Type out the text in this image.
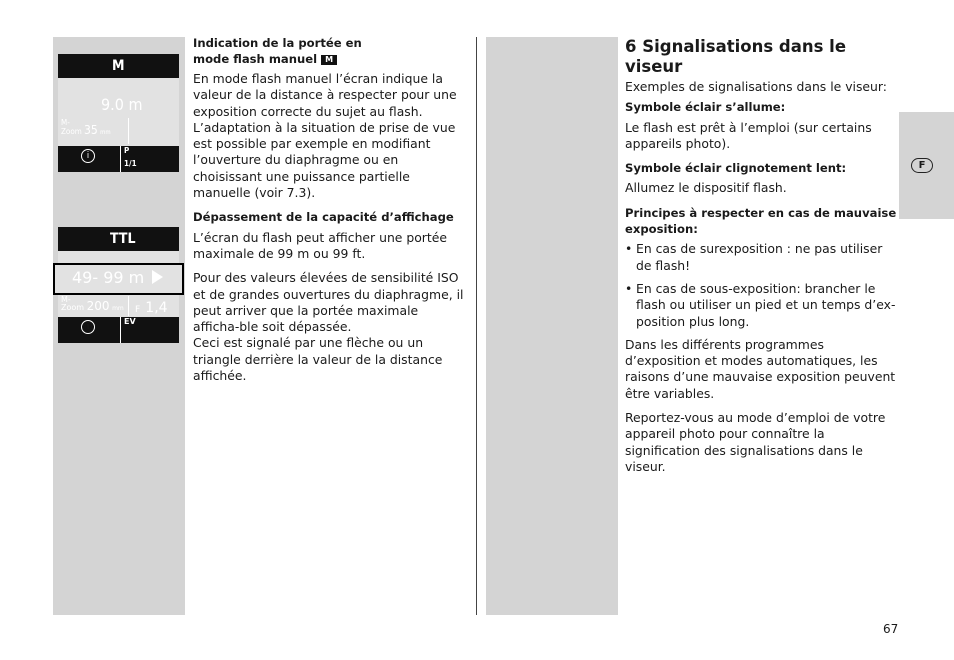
F
M
9.0 m
M-
Zoom 35 mm
i
P
1/1
TTL
49- 99 m
M-
Zoom 200 mm F 1,4
i
EV
Indication de la portée en
mode flash manuel M

En mode flash manuel l’écran indique la valeur de la distance à respecter pour une exposition correcte du sujet au flash. L’adaptation à la situation de prise de vue est possible par exemple en modifiant l’ouverture du diaphragme ou en choisissant une puissance partielle manuelle (voir 7.3).

Dépassement de la capacité d’affichage

L’écran du flash peut afficher une portée maximale de 99 m ou 99 ft.

Pour des valeurs élevées de sensibilité ISO et de grandes ouvertures du diaphragme, il peut arriver que la portée maximale afficha-ble soit dépassée.

Ceci est signalé par une flèche ou un triangle derrière la valeur de la distance affichée.

6 Signalisations dans le viseur

Exemples de signalisations dans le viseur:

Symbole éclair s’allume:

Le flash est prêt à l’emploi (sur certains appareils photo).

Symbole éclair clignotement lent:

Allumez le dispositif flash.

Principes à respecter en cas de mauvaise exposition:
• En cas de surexposition : ne pas utiliser de flash!
• En cas de sous-exposition: brancher le flash ou utiliser un pied et un temps d’ex-position plus long.

Dans les différents programmes d’exposition et modes automatiques, les raisons d’une mauvaise exposition peuvent être variables.

Reportez-vous au mode d’emploi de votre appareil photo pour connaître la signification des signalisations dans le viseur.

67
